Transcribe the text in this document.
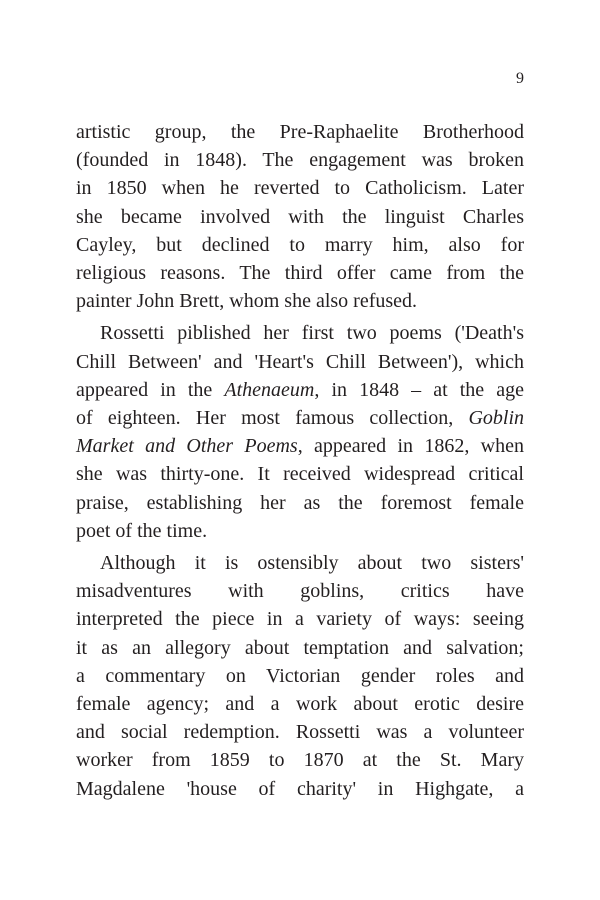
9

artistic group, the Pre-Raphaelite Brotherhood
(founded in 1848). The engagement was broken
in 1850 when he reverted to Catholicism. Later
she became involved with the linguist Charles
Cayley, but declined to marry him, also for
religious reasons. The third offer came from the
painter John Brett, whom she also refused.

Rossetti piblished her first two poems ('Death's
Chill Between' and 'Heart's Chill Between'), which
appeared in the Athenaeum, in 1848 – at the age
of eighteen. Her most famous collection, Goblin
Market and Other Poems, appeared in 1862, when
she was thirty-one. It received widespread critical
praise, establishing her as the foremost female
poet of the time.

Although it is ostensibly about two sisters'
misadventures with goblins, critics have
interpreted the piece in a variety of ways: seeing
it as an allegory about temptation and salvation;
a commentary on Victorian gender roles and
female agency; and a work about erotic desire
and social redemption. Rossetti was a volunteer
worker from 1859 to 1870 at the St. Mary
Magdalene 'house of charity' in Highgate, a
